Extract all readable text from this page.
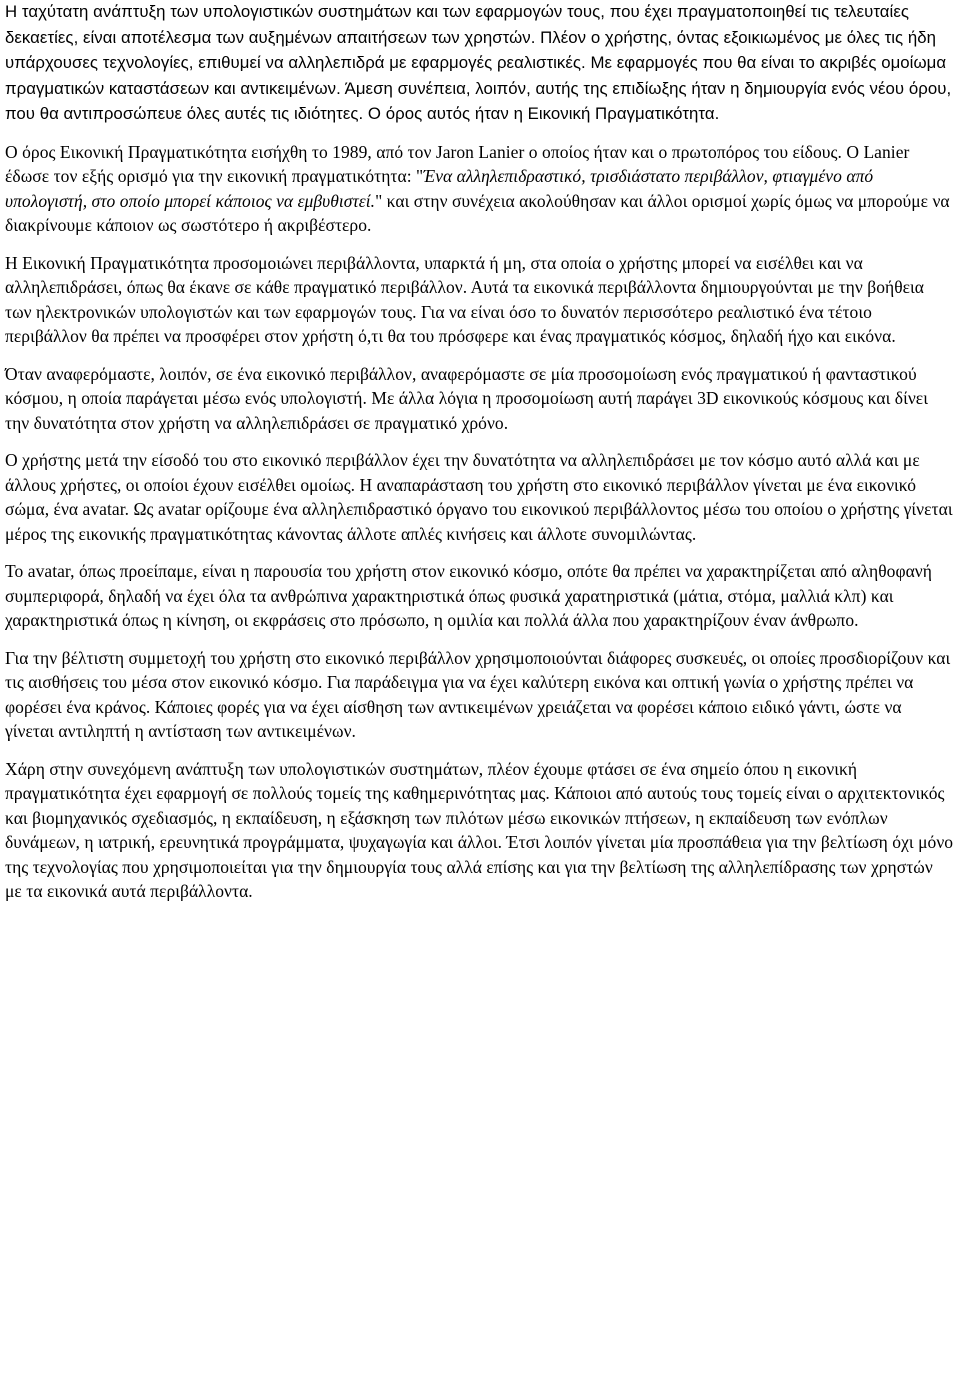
Η ταχύτατη ανάπτυξη των υπολογιστικών συστημάτων και των εφαρμογών τους, που έχει πραγματοποιηθεί τις τελευταίες δεκαετίες, είναι αποτέλεσμα των αυξημένων απαιτήσεων των χρηστών. Πλέον ο χρήστης, όντας εξοικιωμένος με όλες τις ήδη υπάρχουσες τεχνολογίες, επιθυμεί να αλληλεπιδρά με εφαρμογές ρεαλιστικές. Με εφαρμογές που θα είναι το ακριβές ομοίωμα πραγματικών καταστάσεων και αντικειμένων. Άμεση συνέπεια, λοιπόν, αυτής της επιδίωξης ήταν η δημιουργία ενός νέου όρου, που θα αντιπροσώπευε όλες αυτές τις ιδιότητες. Ο όρος αυτός ήταν η Εικονική Πραγματικότητα.

Ο όρος Εικονική Πραγματικότητα εισήχθη το 1989, από τον Jaron Lanier ο οποίος ήταν και ο πρωτοπόρος του είδους. Ο Lanier έδωσε τον εξής ορισμό για την εικονική πραγματικότητα: "Ένα αλληλεπιδραστικό, τρισδιάστατο περιβάλλον, φτιαγμένο από υπολογιστή, στο οποίο μπορεί κάποιος να εμβυθιστεί." και στην συνέχεια ακολούθησαν και άλλοι ορισμοί χωρίς όμως να μπορούμε να διακρίνουμε κάποιον ως σωστότερο ή ακριβέστερο.

Η Εικονική Πραγματικότητα προσομοιώνει περιβάλλοντα, υπαρκτά ή μη, στα οποία ο χρήστης μπορεί να εισέλθει και να αλληλεπιδράσει, όπως θα έκανε σε κάθε πραγματικό περιβάλλον. Αυτά τα εικονικά περιβάλλοντα δημιουργούνται με την βοήθεια των ηλεκτρονικών υπολογιστών και των εφαρμογών τους. Για να είναι όσο το δυνατόν περισσότερο ρεαλιστικό ένα τέτοιο περιβάλλον θα πρέπει να προσφέρει στον χρήστη ό,τι θα του πρόσφερε και ένας πραγματικός κόσμος, δηλαδή ήχο και εικόνα.

Όταν αναφερόμαστε, λοιπόν, σε ένα εικονικό περιβάλλον, αναφερόμαστε σε μία προσομοίωση ενός πραγματικού ή φανταστικού κόσμου, η οποία παράγεται μέσω ενός υπολογιστή. Με άλλα λόγια η προσομοίωση αυτή παράγει 3D εικονικούς κόσμους και δίνει την δυνατότητα στον χρήστη να αλληλεπιδράσει σε πραγματικό χρόνο.

Ο χρήστης μετά την είσοδό του στο εικονικό περιβάλλον έχει την δυνατότητα να αλληλεπιδράσει με τον κόσμο αυτό αλλά και με άλλους χρήστες, οι οποίοι έχουν εισέλθει ομοίως. Η αναπαράσταση του χρήστη στο εικονικό περιβάλλον γίνεται με ένα εικονικό σώμα, ένα avatar. Ως avatar ορίζουμε ένα αλληλεπιδραστικό όργανο του εικονικού περιβάλλοντος μέσω του οποίου ο χρήστης γίνεται μέρος της εικονικής πραγματικότητας κάνοντας άλλοτε απλές κινήσεις και άλλοτε συνομιλώντας.

Το avatar, όπως προείπαμε, είναι η παρουσία του χρήστη στον εικονικό κόσμο, οπότε θα πρέπει να χαρακτηρίζεται από αληθοφανή συμπεριφορά, δηλαδή να έχει όλα τα ανθρώπινα χαρακτηριστικά όπως φυσικά χαρατηριστικά (μάτια, στόμα, μαλλιά κλπ) και χαρακτηριστικά όπως η κίνηση, οι εκφράσεις στο πρόσωπο, η ομιλία και πολλά άλλα που χαρακτηρίζουν έναν άνθρωπο.

Για την βέλτιστη συμμετοχή του χρήστη στο εικονικό περιβάλλον χρησιμοποιούνται διάφορες συσκευές, οι οποίες προσδιορίζουν και τις αισθήσεις του μέσα στον εικονικό κόσμο. Για παράδειγμα για να έχει καλύτερη εικόνα και οπτική γωνία ο χρήστης πρέπει να φορέσει ένα κράνος. Κάποιες φορές για να έχει αίσθηση των αντικειμένων χρειάζεται να φορέσει κάποιο ειδικό γάντι, ώστε να γίνεται αντιληπτή η αντίσταση των αντικειμένων.

Χάρη στην συνεχόμενη ανάπτυξη των υπολογιστικών συστημάτων, πλέον έχουμε φτάσει σε ένα σημείο όπου η εικονική πραγματικότητα έχει εφαρμογή σε πολλούς τομείς της καθημερινότητας μας. Κάποιοι από αυτούς τους τομείς είναι ο αρχιτεκτονικός και βιομηχανικός σχεδιασμός, η εκπαίδευση, η εξάσκηση των πιλότων μέσω εικονικών πτήσεων, η εκπαίδευση των ενόπλων δυνάμεων, η ιατρική, ερευνητικά προγράμματα, ψυχαγωγία και άλλοι. Έτσι λοιπόν γίνεται μία προσπάθεια για την βελτίωση όχι μόνο της τεχνολογίας που χρησιμοποιείται για την δημιουργία τους αλλά επίσης και για την βελτίωση της αλληλεπίδρασης των χρηστών με τα εικονικά αυτά περιβάλλοντα.
